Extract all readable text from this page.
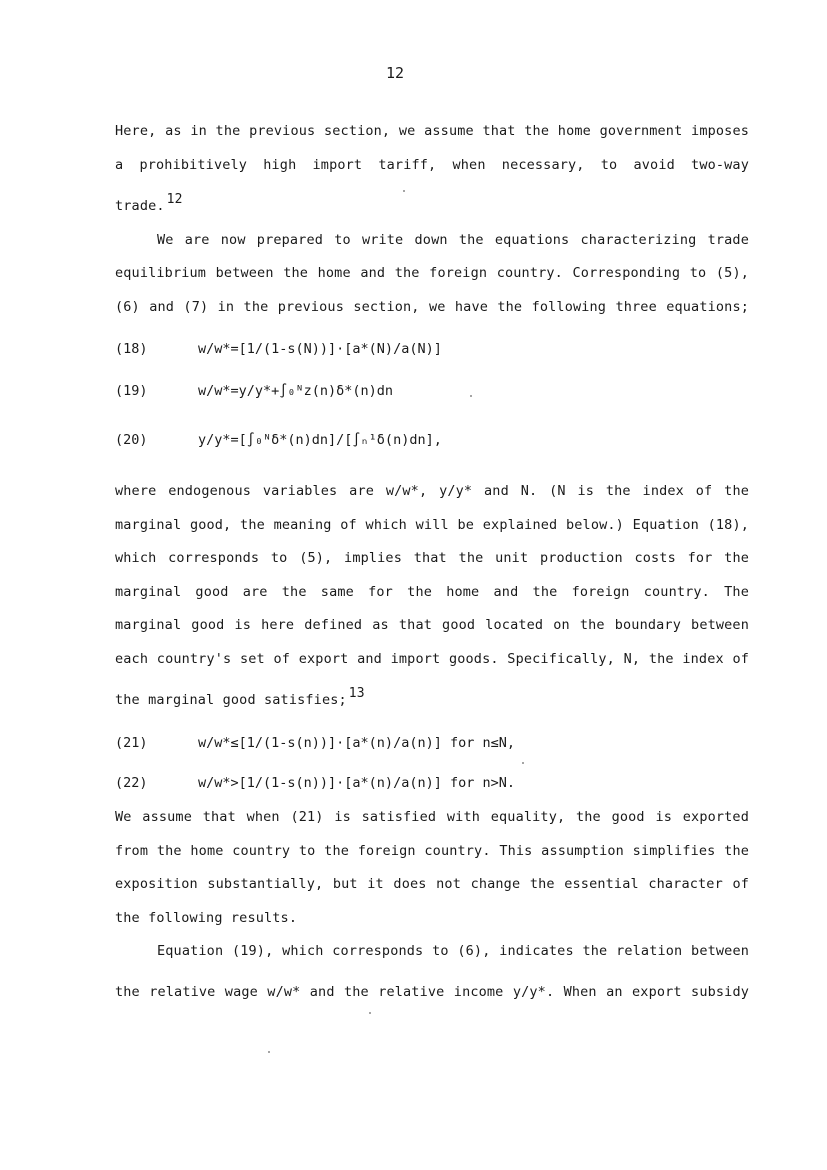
12
Here, as in the previous section, we assume that the home government imposes
a prohibitively high import tariff, when necessary, to avoid two-way
trade. 12
We are now prepared to write down the equations characterizing trade
equilibrium between the home and the foreign country. Corresponding to (5),
(6) and (7) in the previous section, we have the following three equations;
(18)	w/w*=[1/(1-s(N))]·[a*(N)/a(N)]
(19)	w/w*=y/y*+∫₀ᴺz(n)δ*(n)dn
(20)	y/y*=[∫₀ᴺδ*(n)dn]/[∫ₙ¹δ(n)dn],
where endogenous variables are w/w*, y/y* and N. (N is the index of the
marginal good, the meaning of which will be explained below.) Equation (18),
which corresponds to (5), implies that the unit production costs for the
marginal good are the same for the home and the foreign country. The
marginal good is here defined as that good located on the boundary between
each country's set of export and import goods. Specifically, N, the index of
the marginal good satisfies; 13
(21)	w/w*≤[1/(1-s(n))]·[a*(n)/a(n)] for n≤N,
(22)	w/w*>[1/(1-s(n))]·[a*(n)/a(n)] for n>N.
We assume that when (21) is satisfied with equality, the good is exported
from the home country to the foreign country. This assumption simplifies the
exposition substantially, but it does not change the essential character of
the following results.
Equation (19), which corresponds to (6), indicates the relation between
the relative wage w/w* and the relative income y/y*. When an export subsidy
